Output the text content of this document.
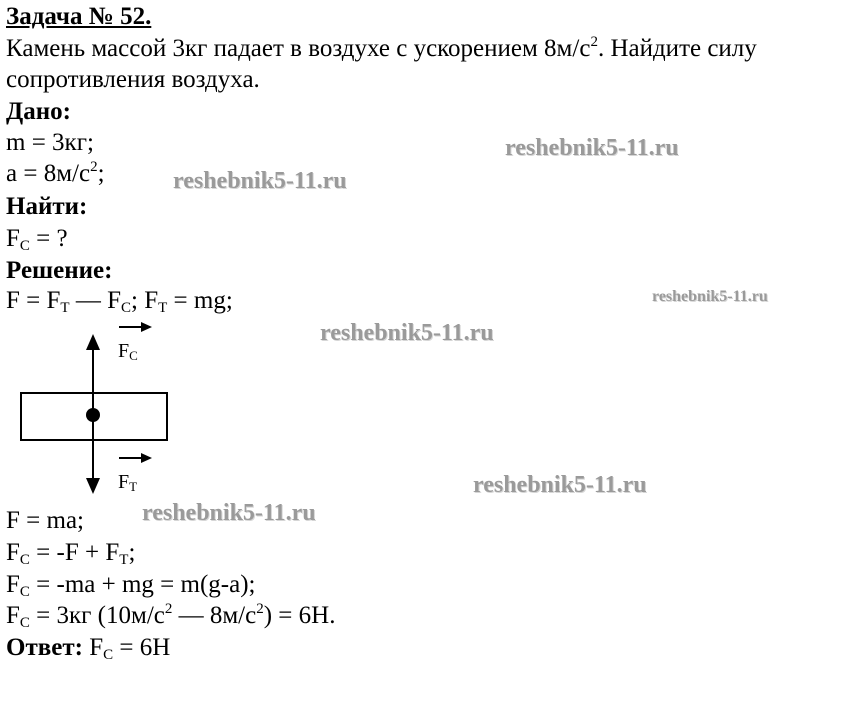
Задача № 52.
Камень массой 3кг падает в воздухе с ускорением $8м/с^2$. Найдите силу
сопротивления воздуха.
Дано:
m = 3кг;
$a = 8м/с^2$;
Найти:
$F_C$ = ?
Решение:
$F = F_T$ — $F_C$; $F_T$ = mg;
$F_C$
$F_T$
F = ma;
$F_C = -F + F_T$;
$F_C = -ma$ + mg = m(g-a);
$F_C = 3кг$ ($10м/с^2$ — $8м/с^2) = 6Н$.
Ответ: $F_C = 6Н$
reshebnik5-11.ru
reshebnik5-11.ru
reshebnik5-11.ru
reshebnik5-11.ru
reshebnik5-11.ru
reshebnik5-11.ru
